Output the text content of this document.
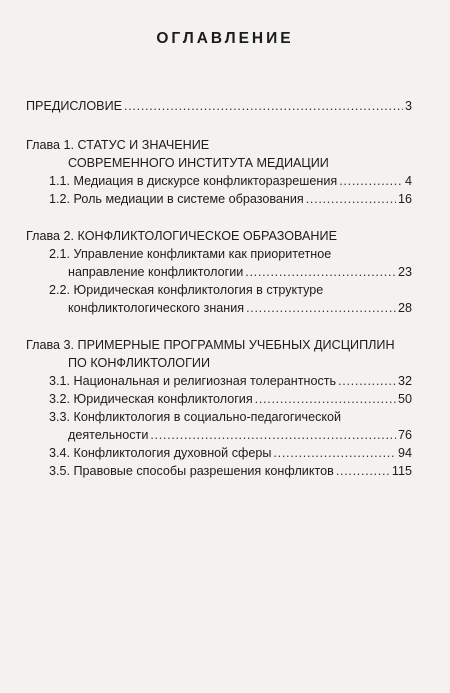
ОГЛАВЛЕНИЕ
ПРЕДИСЛОВИЕ . . .	3
Глава 1. СТАТУС И ЗНАЧЕНИЕ
СОВРЕМЕННОГО ИНСТИТУТА МЕДИАЦИИ
1.1. Медиация в дискурсе конфликторазрешения . . .	4
1.2. Роль медиации в системе образования . . .	16
Глава 2. КОНФЛИКТОЛОГИЧЕСКОЕ ОБРАЗОВАНИЕ
2.1. Управление конфликтами как приоритетное
направление конфликтологии . . .	23
2.2. Юридическая конфликтология в структуре
конфликтологического знания . . .	28
Глава 3. ПРИМЕРНЫЕ ПРОГРАММЫ УЧЕБНЫХ ДИСЦИПЛИН
ПО КОНФЛИКТОЛОГИИ
3.1. Национальная и религиозная толерантность . . .	32
3.2. Юридическая конфликтология . . .	50
3.3. Конфликтология в социально-педагогической
деятельности . . .	76
3.4. Конфликтология духовной сферы . . .	94
3.5. Правовые способы разрешения конфликтов . . .	115
